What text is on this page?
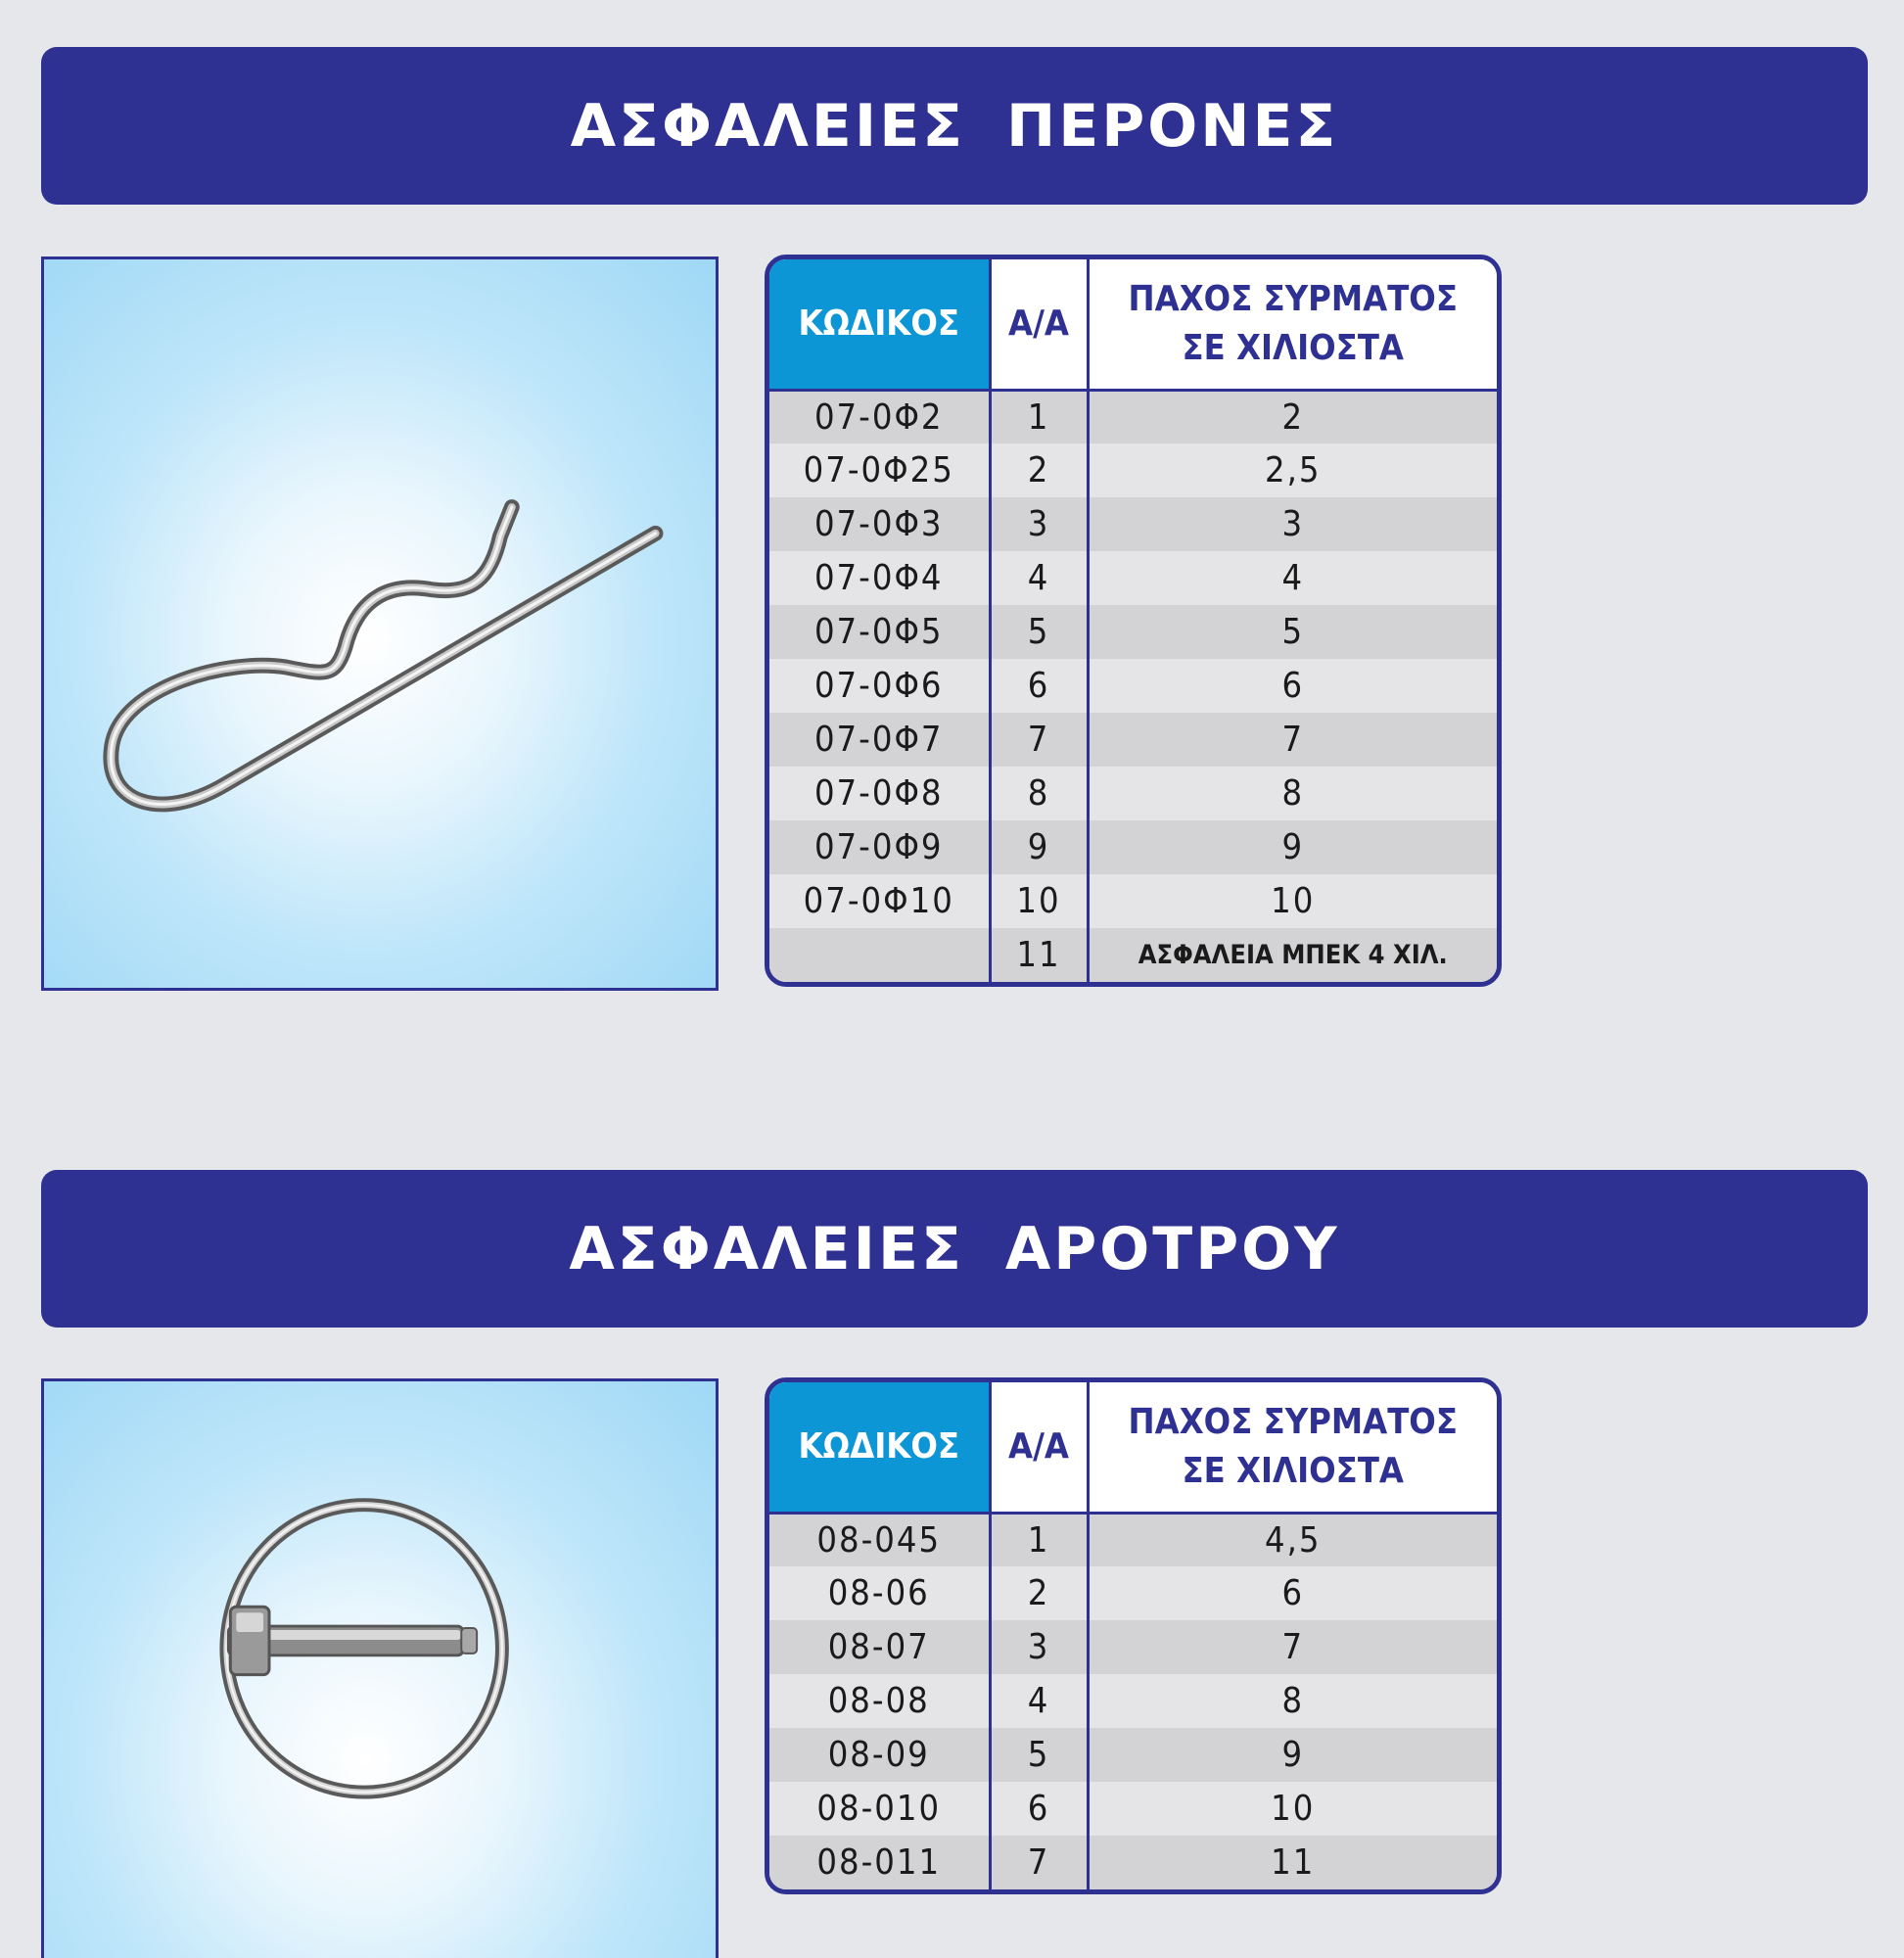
ΑΣΦΑΛΕΙΕΣ ΠΕΡΟΝΕΣ
ΚΩΔΙΚΟΣ	Α/Α	ΠΑΧΟΣ ΣΥΡΜΑΤΟΣ
ΣΕ ΧΙΛΙΟΣΤΑ
07-0Φ2	1	2
07-0Φ25	2	2,5
07-0Φ3	3	3
07-0Φ4	4	4
07-0Φ5	5	5
07-0Φ6	6	6
07-0Φ7	7	7
07-0Φ8	8	8
07-0Φ9	9	9
07-0Φ10	10	10
	11	ΑΣΦΑΛΕΙΑ ΜΠΕΚ 4 ΧΙΛ.
ΑΣΦΑΛΕΙΕΣ ΑΡΟΤΡΟΥ
ΚΩΔΙΚΟΣ	Α/Α	ΠΑΧΟΣ ΣΥΡΜΑΤΟΣ
ΣΕ ΧΙΛΙΟΣΤΑ
08-045	1	4,5
08-06	2	6
08-07	3	7
08-08	4	8
08-09	5	9
08-010	6	10
08-011	7	11
